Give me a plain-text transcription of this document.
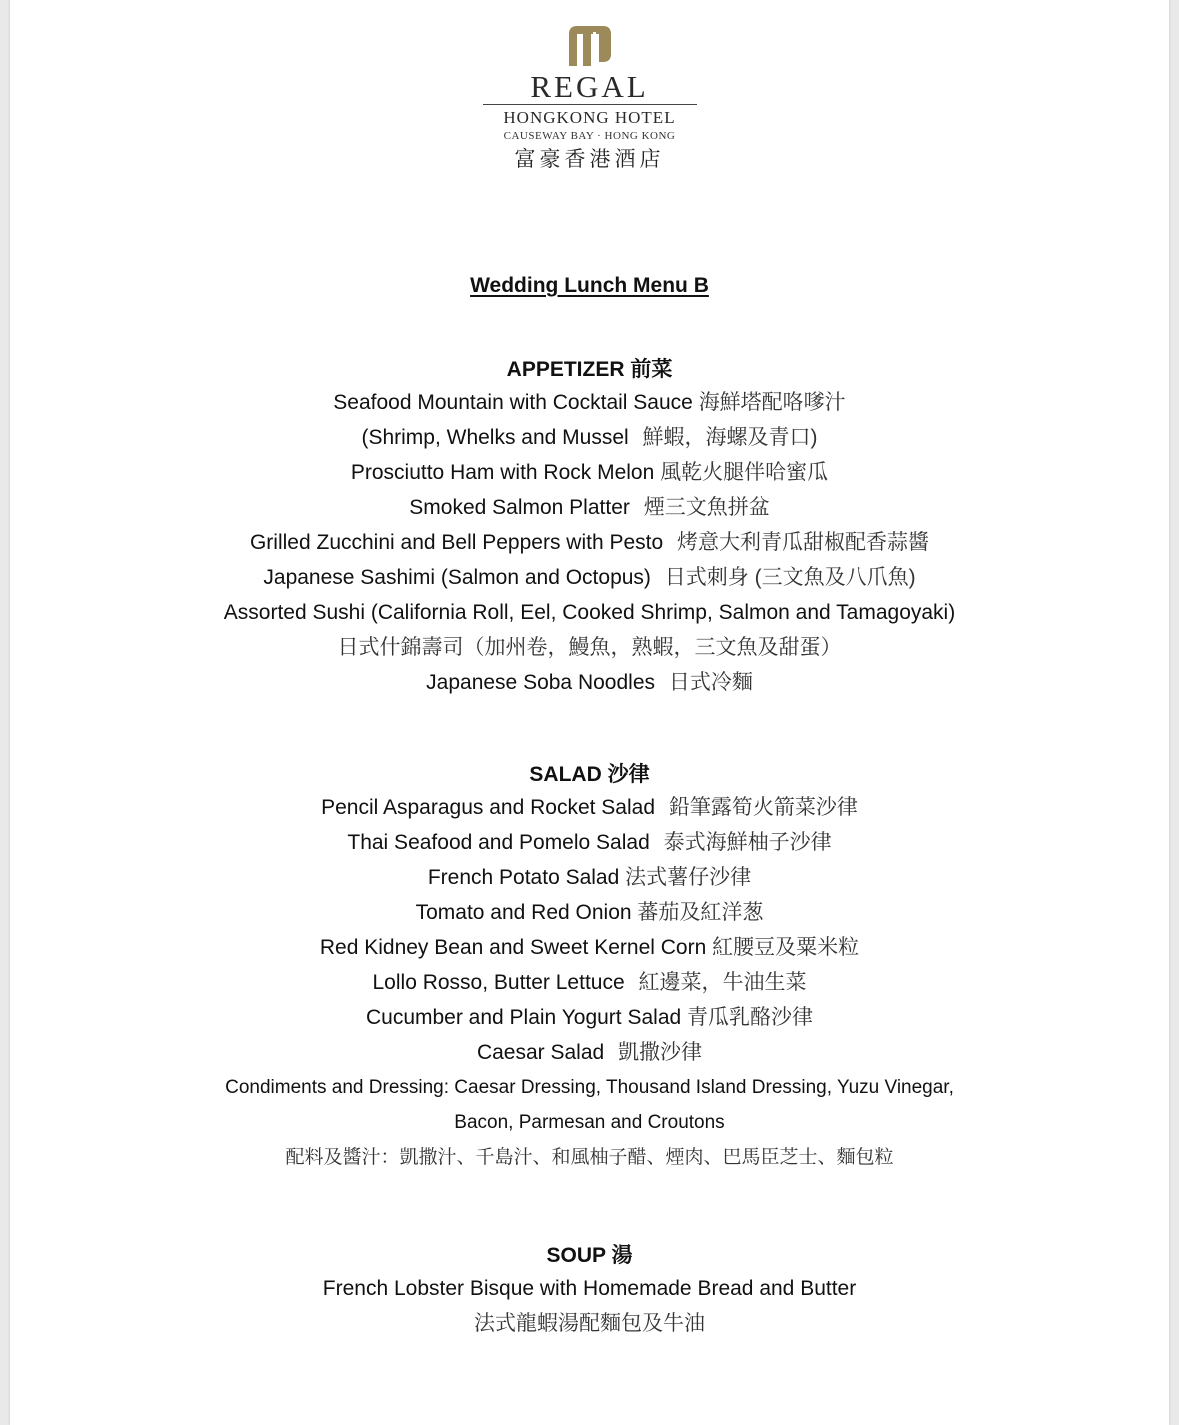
REGAL
HONGKONG HOTEL
CAUSEWAY BAY · HONG KONG
富豪香港酒店
Wedding Lunch Menu B
APPETIZER 前菜
Seafood Mountain with Cocktail Sauce 海鮮塔配咯嗲汁
(Shrimp, Whelks and Mussel 鮮蝦，海螺及青口)
Prosciutto Ham with Rock Melon 風乾火腿伴哈蜜瓜
Smoked Salmon Platter 煙三文魚拼盆
Grilled Zucchini and Bell Peppers with Pesto 烤意大利青瓜甜椒配香蒜醬
Japanese Sashimi (Salmon and Octopus) 日式刺身 (三文魚及八爪魚)
Assorted Sushi (California Roll, Eel, Cooked Shrimp, Salmon and Tamagoyaki)
日式什錦壽司（加州卷，鰻魚，熟蝦，三文魚及甜蛋）
Japanese Soba Noodles 日式冷麵
SALAD 沙律
Pencil Asparagus and Rocket Salad 鉛筆露筍火箭菜沙律
Thai Seafood and Pomelo Salad 泰式海鮮柚子沙律
French Potato Salad 法式薯仔沙律
Tomato and Red Onion 蕃茄及紅洋葱
Red Kidney Bean and Sweet Kernel Corn 紅腰豆及粟米粒
Lollo Rosso, Butter Lettuce 紅邊菜，牛油生菜
Cucumber and Plain Yogurt Salad 青瓜乳酪沙律
Caesar Salad 凱撒沙律
Condiments and Dressing: Caesar Dressing, Thousand Island Dressing, Yuzu Vinegar,
Bacon, Parmesan and Croutons
配料及醬汁：凱撒汁、千島汁、和風柚子醋、煙肉、巴馬臣芝士、麵包粒
SOUP 湯
French Lobster Bisque with Homemade Bread and Butter
法式龍蝦湯配麵包及牛油
